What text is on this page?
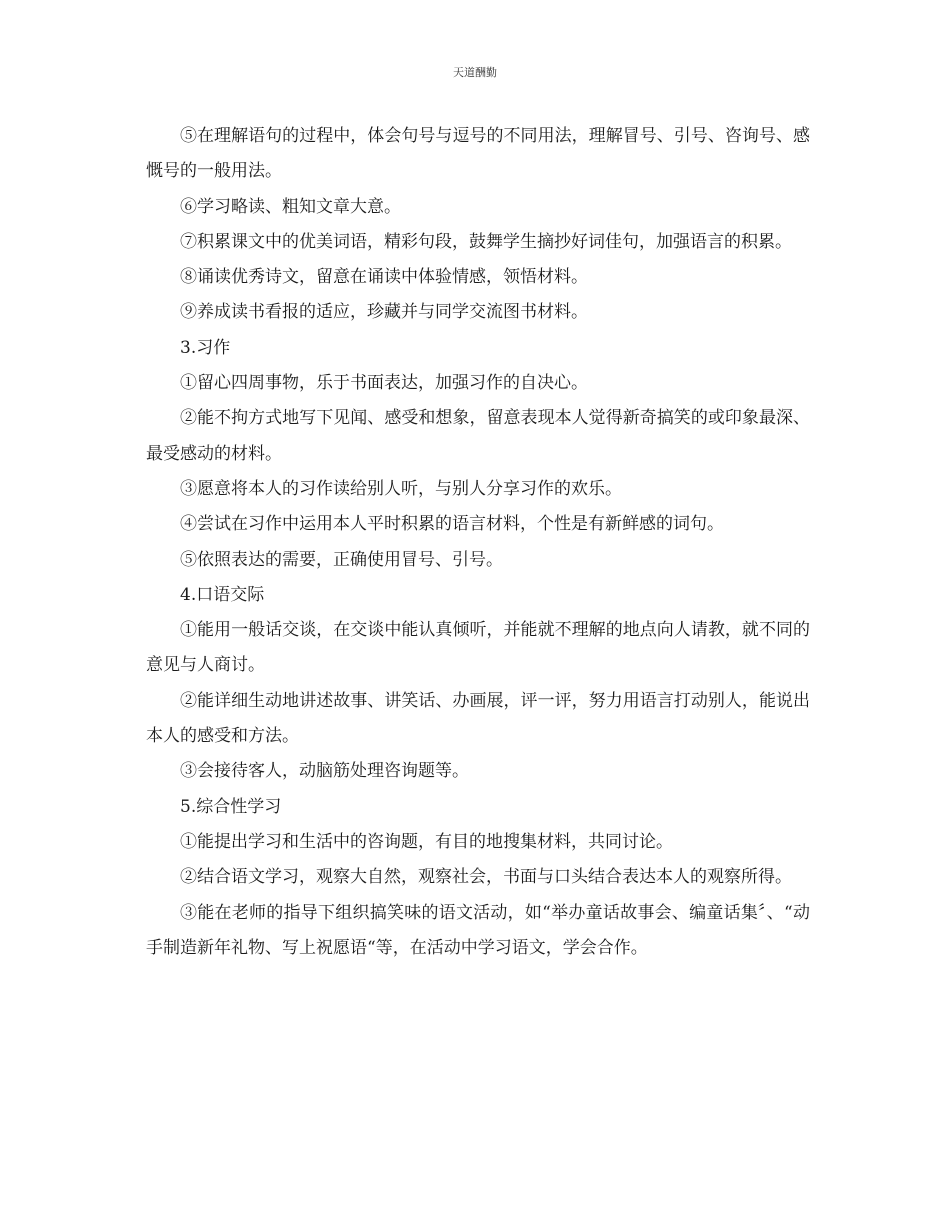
天道酬勤

⑤在理解语句的过程中，体会句号与逗号的不同用法，理解冒号、引号、咨询号、感慨号的一般用法。

⑥学习略读、粗知文章大意。

⑦积累课文中的优美词语，精彩句段，鼓舞学生摘抄好词佳句，加强语言的积累。

⑧诵读优秀诗文，留意在诵读中体验情感，领悟材料。

⑨养成读书看报的适应，珍藏并与同学交流图书材料。

3.习作

①留心四周事物，乐于书面表达，加强习作的自决心。

②能不拘方式地写下见闻、感受和想象，留意表现本人觉得新奇搞笑的或印象最深、最受感动的材料。

③愿意将本人的习作读给别人听，与别人分享习作的欢乐。

④尝试在习作中运用本人平时积累的语言材料，个性是有新鲜感的词句。

⑤依照表达的需要，正确使用冒号、引号。

4.口语交际

①能用一般话交谈，在交谈中能认真倾听，并能就不理解的地点向人请教，就不同的意见与人商讨。

②能详细生动地讲述故事、讲笑话、办画展，评一评，努力用语言打动别人，能说出本人的感受和方法。

③会接待客人，动脑筋处理咨询题等。

5.综合性学习

①能提出学习和生活中的咨询题，有目的地搜集材料，共同讨论。

②结合语文学习，观察大自然，观察社会，书面与口头结合表达本人的观察所得。

③能在老师的指导下组织搞笑味的语文活动，如“举办童话故事会、编童话集〞、“动手制造新年礼物、写上祝愿语“等，在活动中学习语文，学会合作。
